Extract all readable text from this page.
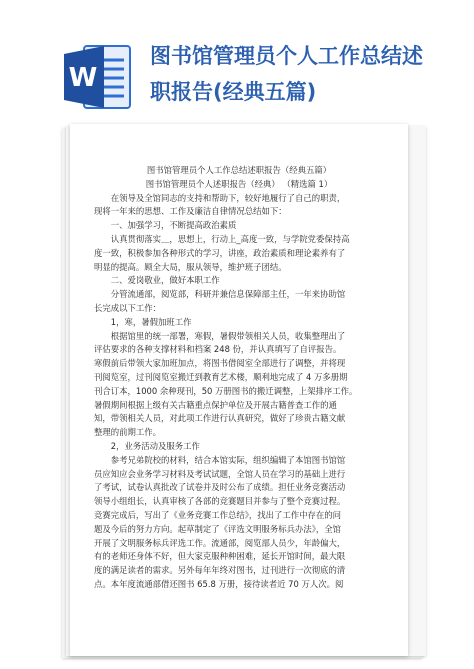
W
图书馆管理员个人工作总结述
职报告(经典五篇)

图书馆管理员个人工作总结述职报告（经典五篇）

图书馆管理员个人述职报告（经典） （精选篇 1）

在领导及全馆同志的支持和帮助下，较好地履行了自己的职责，

现将一年来的思想、工作及廉洁自律情况总结如下：

一、加强学习，不断提高政治素质

认真贯彻落实＿，思想上，行动上_高度一致，与学院党委保持高

度一致，积极参加各种形式的学习，讲座，政治素质和理论素养有了

明显的提高。顾全大局，服从领导，维护班子团结。

二、爱岗敬业，做好本职工作

分管流通部，阅览部，科研并兼信息保障部主任，一年来协助馆

长完成以下工作：

1，寒，暑假加班工作

根据馆里的统一部署，寒假，暑假带领相关人员，收集整理出了

评估要求的各种支撑材料和档案 248 份，并认真填写了自评报告。

寒假前后带领大家加班加点，将图书借阅室全部进行了调整，并将现

刊阅览室，过刊阅览室搬迁到教育艺术楼，顺利地完成了 4 万多册期

刊合订本，1000 余种现刊，50 万册图书的搬迁调整，上架排序工作。

暑假期间根据上级有关古籍重点保护单位及开展古籍普查工作的通

知，带领相关人员，对此项工作进行认真研究，做好了珍贵古籍文献

整理的前期工作。

2，业务活动及服务工作

参考兄弟院校的材料，结合本馆实际，组织编辑了本馆图书馆馆

员应知应会业务学习材料及考试试题，全馆人员在学习的基础上进行

了考试，试卷认真批改了试卷并及时公布了成绩。担任业务竞赛活动

领导小组组长，认真审核了各部的竞赛题目并参与了整个竞赛过程。

竞赛完成后，写出了《业务竞赛工作总结》，找出了工作中存在的问

题及今后的努力方向。起草制定了《评选文明服务标兵办法》，全馆

开展了文明服务标兵评选工作。流通部，阅览部人员少，年龄偏大，

有的老师还身体不好，但大家克服种种困难，延长开馆时间，最大限

度的满足读者的需求。另外每年年终对图书，过刊进行一次彻底的清

点。本年度流通部借还图书 65.8 万册，接待读者近 70 万人次。阅
